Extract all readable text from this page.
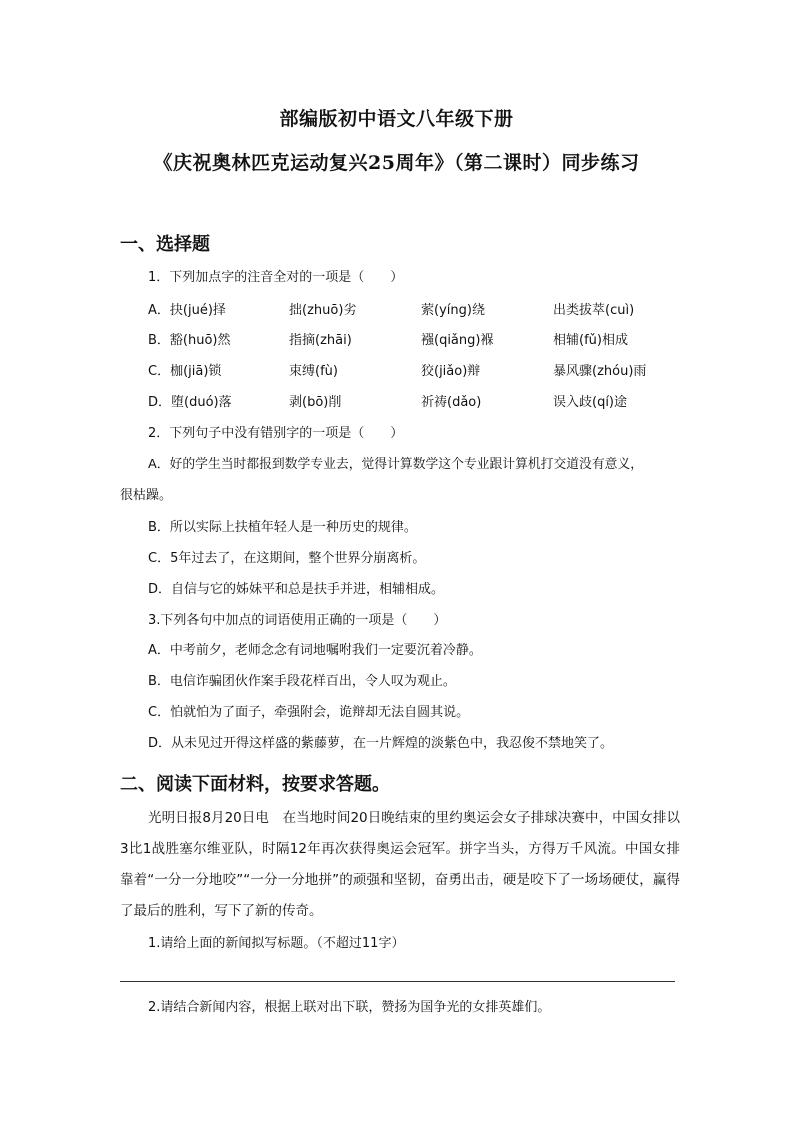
部编版初中语文八年级下册
《庆祝奥林匹克运动复兴25周年》（第二课时）同步练习
一、选择题
1．下列加点字的注音全对的一项是（　　）
A．抉(jué)择	拙(zhuō)劣	萦(yíng)绕	出类拔萃(cuì)
B．豁(huō)然	指摘(zhāi)	襁(qiǎng)褓	相辅(fǔ)相成
C．枷(jiā)锁	束缚(fù)	狡(jiǎo)辩	暴风骤(zhóu)雨
D．堕(duó)落	剥(bō)削	祈祷(dǎo)	误入歧(qí)途
2．下列句子中没有错别字的一项是（　　）
A．好的学生当时都报到数学专业去，觉得计算数学这个专业跟计算机打交道没有意义，
很枯躁。
B．所以实际上扶植年轻人是一种历史的规律。
C．5年过去了，在这期间，整个世界分崩离析。
D．自信与它的姊妹平和总是扶手并进，相辅相成。
3.下列各句中加点的词语使用正确的一项是（　　）
A．中考前夕，老师念念有词地嘱咐我们一定要沉着冷静。
B．电信诈骗团伙作案手段花样百出，令人叹为观止。
C．怕就怕为了面子，牵强附会，诡辩却无法自圆其说。
D．从未见过开得这样盛的紫藤萝，在一片辉煌的淡紫色中，我忍俊不禁地笑了。
二、阅读下面材料，按要求答题。
光明日报8月20日电　在当地时间20日晚结束的里约奥运会女子排球决赛中，中国女排以3比1战胜塞尔维亚队，时隔12年再次获得奥运会冠军。拼字当头，方得万千风流。中国女排靠着“一分一分地咬”“一分一分地拼”的顽强和坚韧，奋勇出击，硬是咬下了一场场硬仗，赢得了最后的胜利，写下了新的传奇。
1.请给上面的新闻拟写标题。（不超过11字）
2.请结合新闻内容，根据上联对出下联，赞扬为国争光的女排英雄们。
